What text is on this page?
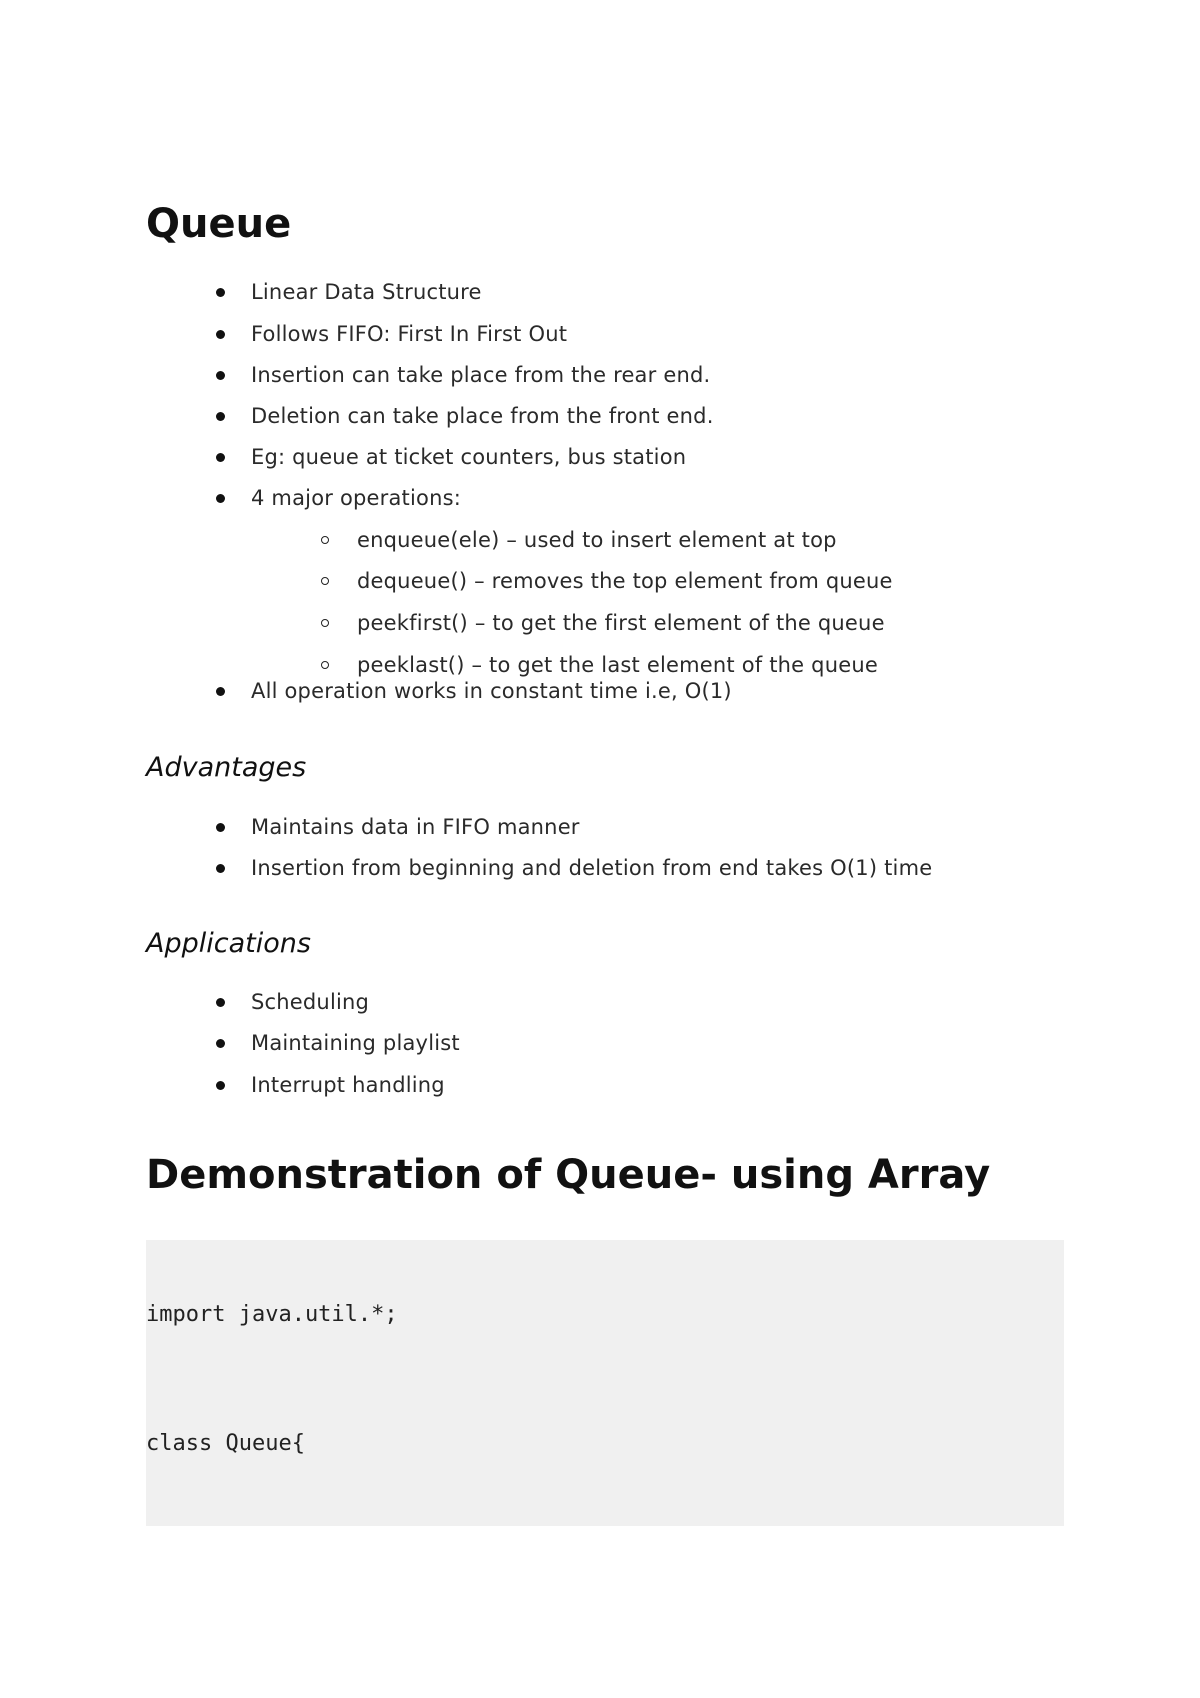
Queue
Linear Data Structure
Follows FIFO: First In First Out
Insertion can take place from the rear end.
Deletion can take place from the front end.
Eg: queue at ticket counters, bus station
4 major operations:
enqueue(ele) – used to insert element at top
dequeue() – removes the top element from queue
peekfirst() – to get the first element of the queue
peeklast() – to get the last element of the queue
All operation works in constant time i.e, O(1)
Advantages
Maintains data in FIFO manner
Insertion from beginning and deletion from end takes O(1) time
Applications
Scheduling
Maintaining playlist
Interrupt handling
Demonstration of Queue- using Array
import java.util.*;
class Queue{
